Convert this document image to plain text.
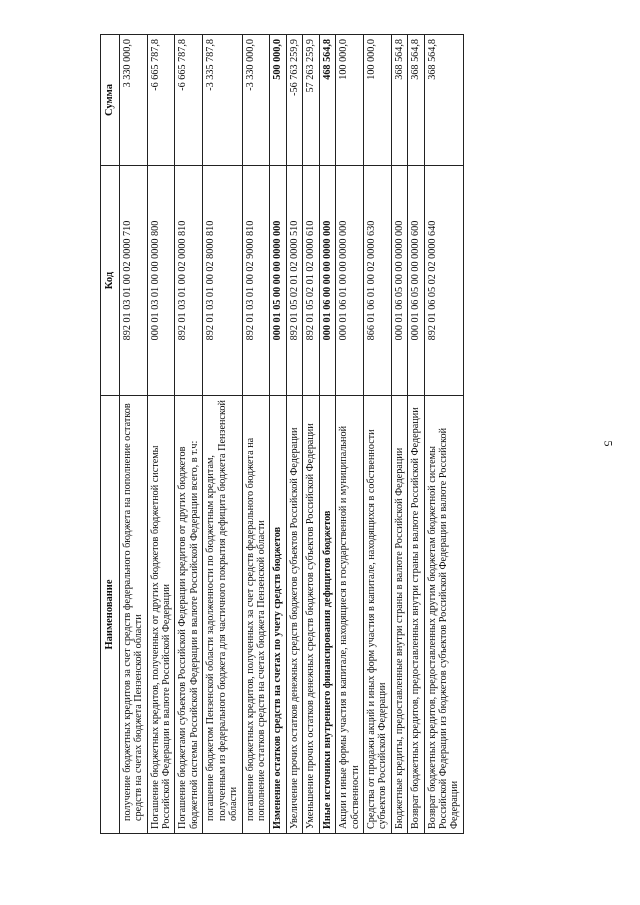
5
Наименование	Код	Сумма
получение бюджетных кредитов за счет средств федерального бюджета на пополнение остатков средств на счетах бюджета Пензенской области	892 01 03 01 00 02 0000 710	3 330 000,0
Погашение бюджетных кредитов, полученных от других бюджетов бюджетной системы Российской Федерации в валюте Российской Федерации	000 01 03 01 00 00 0000 800	-6 665 787,8
Погашение бюджетами субъектов Российской Федерации кредитов от других бюджетов бюджетной системы Российской Федерации в валюте Российской Федерации всего, в т.ч:	892 01 03 01 00 02 0000 810	-6 665 787,8
погашение бюджетом Пензенской области задолженности по бюджетным кредитам, полученным из федерального бюджета для частичного покрытия дефицита бюджета Пензенской области	892 01 03 01 00 02 8000 810	-3 335 787,8
погашение бюджетных кредитов, полученных за счет средств федерального бюджета на пополнение остатков средств на счетах бюджета Пензенской области	892 01 03 01 00 02 9000 810	-3 330 000,0
Изменение остатков средств на счетах по учету средств бюджетов	000 01 05 00 00 00 0000 000	500 000,0
Увеличение прочих остатков денежных средств бюджетов субъектов Российской Федерации	892 01 05 02 01 02 0000 510	-56 763 259,9
Уменьшение прочих остатков денежных средств бюджетов субъектов Российской Федерации	892 01 05 02 01 02 0000 610	57 263 259,9
Иные источники внутреннего финансирования дефицитов бюджетов	000 01 06 00 00 00 0000 000	468 564,8
Акции и иные формы участия в капитале, находящиеся в государственной и муниципальной собственности	000 01 06 01 00 00 0000 000	100 000,0
Средства от продажи акций и иных форм участия в капитале, находящихся в собственности субъектов Российской Федерации	866 01 06 01 00 02 0000 630	100 000,0
Бюджетные кредиты, предоставленные внутри страны в валюте Российской Федерации	000 01 06 05 00 00 0000 000	368 564,8
Возврат бюджетных кредитов, предоставленных внутри страны в валюте Российской Федерации	000 01 06 05 00 00 0000 600	368 564,8
Возврат бюджетных кредитов, предоставленных другим бюджетам бюджетной системы Российской Федерации из бюджетов субъектов Российской Федерации в валюте Российской Федерации	892 01 06 05 02 02 0000 640	368 564,8
